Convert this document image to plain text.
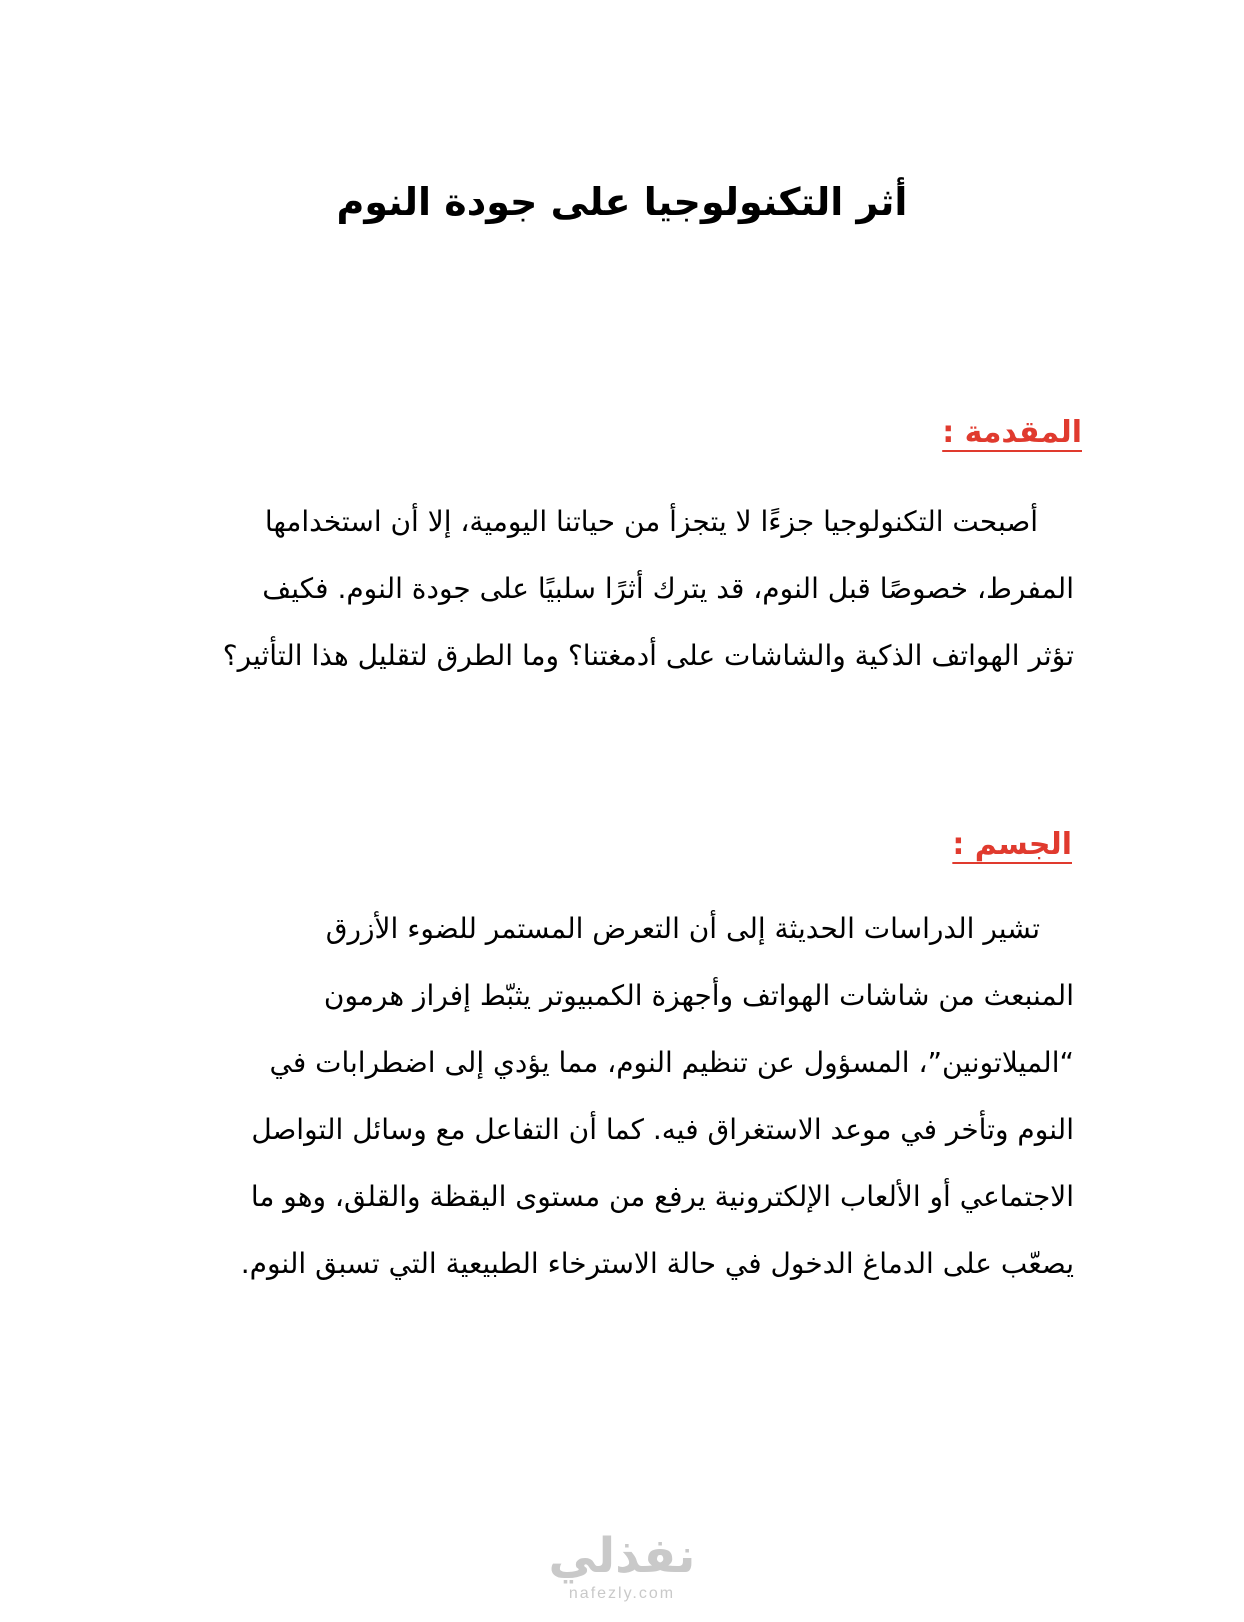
أثر التكنولوجيا على جودة النوم
المقدمة :

أصبحت التكنولوجيا جزءًا لا يتجزأ من حياتنا اليومية، إلا أن استخدامها
المفرط، خصوصًا قبل النوم، قد يترك أثرًا سلبيًا على جودة النوم. فكيف
تؤثر الهواتف الذكية والشاشات على أدمغتنا؟ وما الطرق لتقليل هذا التأثير؟

الجسم :

تشير الدراسات الحديثة إلى أن التعرض المستمر للضوء الأزرق
المنبعث من شاشات الهواتف وأجهزة الكمبيوتر يثبّط إفراز هرمون
“الميلاتونين”، المسؤول عن تنظيم النوم، مما يؤدي إلى اضطرابات في
النوم وتأخر في موعد الاستغراق فيه. كما أن التفاعل مع وسائل التواصل
الاجتماعي أو الألعاب الإلكترونية يرفع من مستوى اليقظة والقلق، وهو ما
يصعّب على الدماغ الدخول في حالة الاسترخاء الطبيعية التي تسبق النوم.

نفذلي
nafezly.com
